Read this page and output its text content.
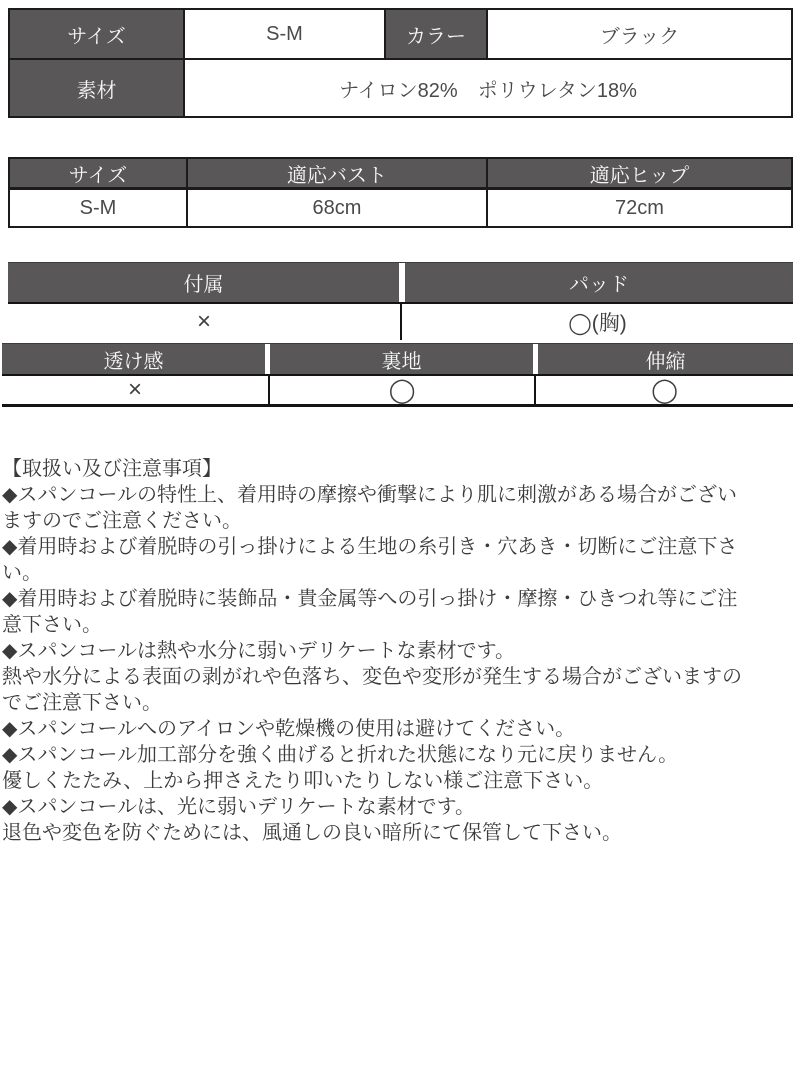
サイズ	S-M	カラー	ブラック
素材	ナイロン82%　ポリウレタン18%
サイズ	適応バスト	適応ヒップ
S-M	68cm	72cm
付属	パッド
×	◯(胸)
透け感	裏地	伸縮
×	◯	◯
【取扱い及び注意事項】
◆スパンコールの特性上、着用時の摩擦や衝撃により肌に刺激がある場合がござい
ますのでご注意ください。
◆着用時および着脱時の引っ掛けによる生地の糸引き・穴あき・切断にご注意下さ
い。
◆着用時および着脱時に装飾品・貴金属等への引っ掛け・摩擦・ひきつれ等にご注
意下さい。
◆スパンコールは熱や水分に弱いデリケートな素材です。
熱や水分による表面の剥がれや色落ち、変色や変形が発生する場合がございますの
でご注意下さい。
◆スパンコールへのアイロンや乾燥機の使用は避けてください。
◆スパンコール加工部分を強く曲げると折れた状態になり元に戻りません。
優しくたたみ、上から押さえたり叩いたりしない様ご注意下さい。
◆スパンコールは、光に弱いデリケートな素材です。
退色や変色を防ぐためには、風通しの良い暗所にて保管して下さい。
